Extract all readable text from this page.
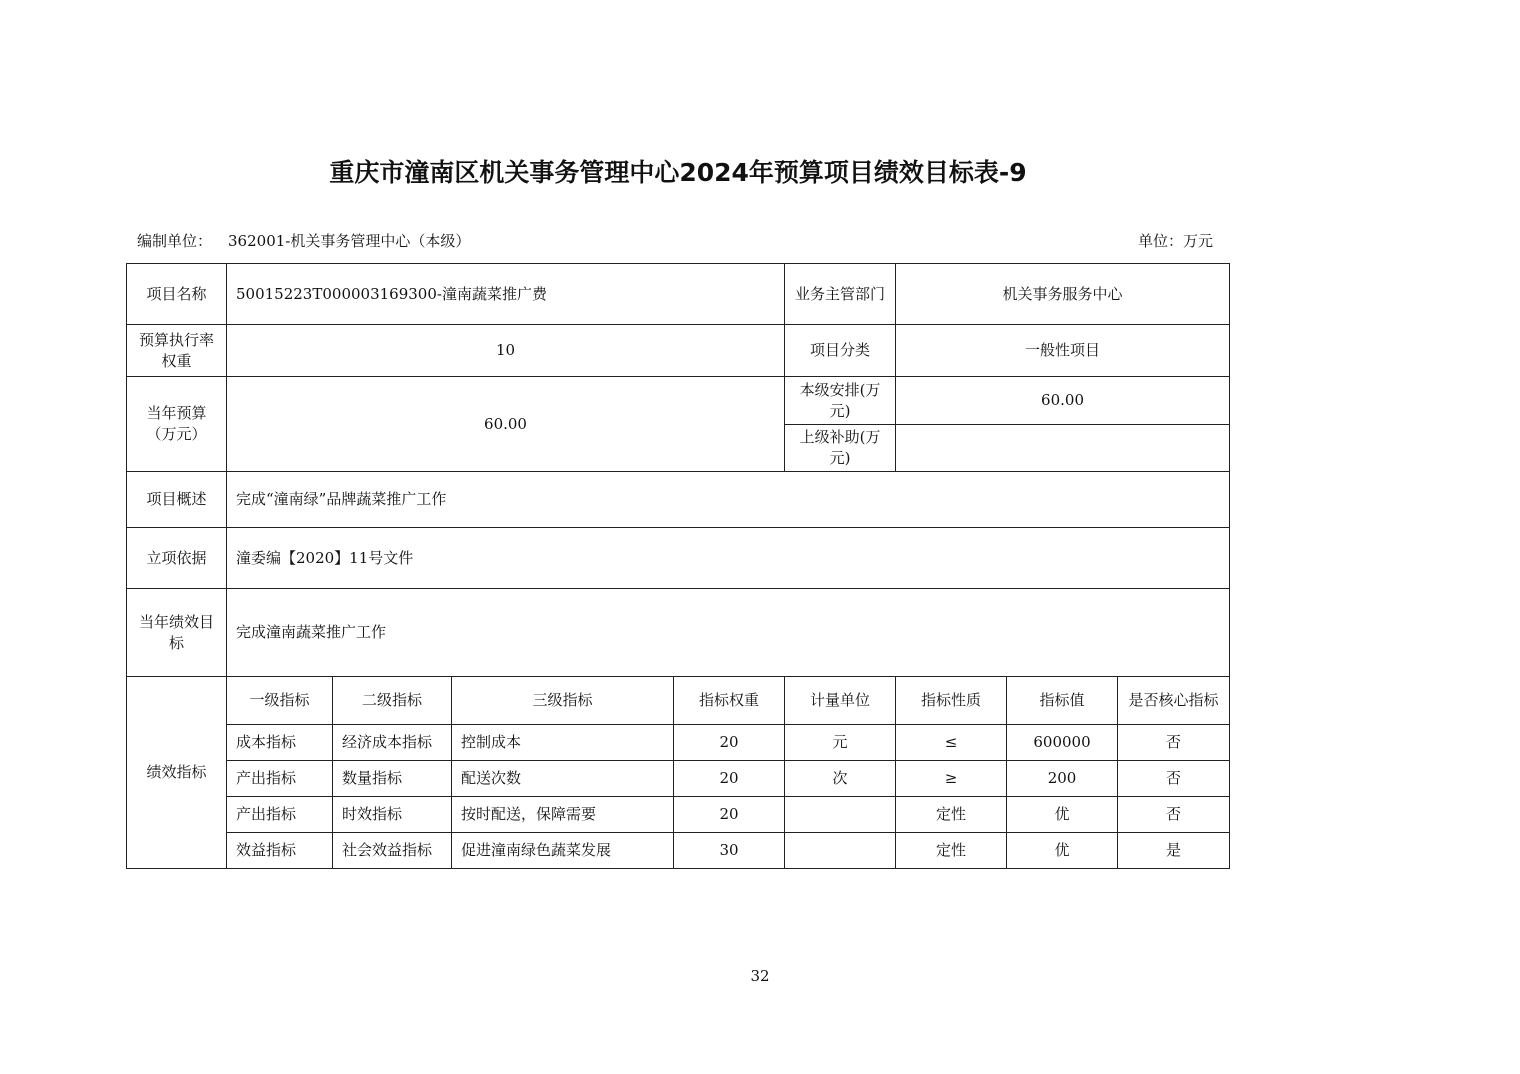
重庆市潼南区机关事务管理中心2024年预算项目绩效目标表-9
编制单位： 362001-机关事务管理中心（本级）	单位：万元
项目名称	50015223T000003169300-潼南蔬菜推广费				业务主管部门	机关事务服务中心		
预算执行率权重	10				项目分类	一般性项目		
当年预算（万元）	60.00				本级安排(万元)	60.00		
					上级补助(万元)			
项目概述	完成“潼南绿”品牌蔬菜推广工作							
立项依据	潼委编【2020】11号文件							
当年绩效目标	完成潼南蔬菜推广工作							
绩效指标	一级指标	二级指标	三级指标	指标权重	计量单位	指标性质	指标值	是否核心指标
	成本指标	经济成本指标	控制成本	20	元	≤	600000	否
	产出指标	数量指标	配送次数	20	次	≥	200	否
	产出指标	时效指标	按时配送，保障需要	20		定性	优	否
	效益指标	社会效益指标	促进潼南绿色蔬菜发展	30		定性	优	是
32
